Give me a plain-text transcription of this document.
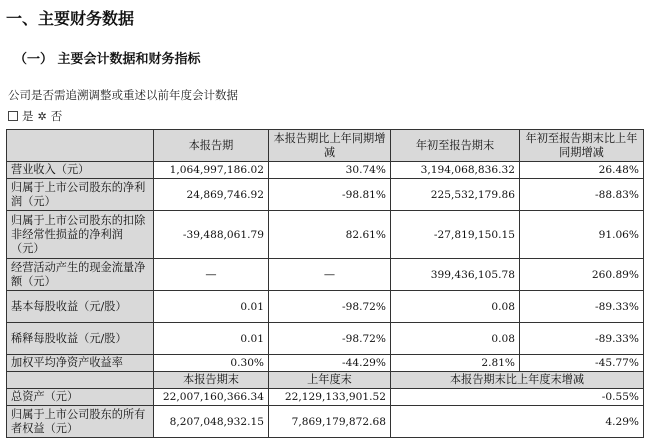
一、主要财务数据
（一） 主要会计数据和财务指标
公司是否需追溯调整或重述以前年度会计数据
是 ✲ 否
	本报告期	本报告期比上年同期增减	年初至报告期末	年初至报告期末比上年同期增减
营业收入（元）	1,064,997,186.02	30.74%	3,194,068,836.32	26.48%
归属于上市公司股东的净利润（元）	24,869,746.92	-98.81%	225,532,179.86	-88.83%
归属于上市公司股东的扣除非经常性损益的净利润（元）	-39,488,061.79	82.61%	-27,819,150.15	91.06%
经营活动产生的现金流量净额（元）	—	—	399,436,105.78	260.89%
基本每股收益（元/股）	0.01	-98.72%	0.08	-89.33%
稀释每股收益（元/股）	0.01	-98.72%	0.08	-89.33%
加权平均净资产收益率	0.30%	-44.29%	2.81%	-45.77%
	本报告期末	上年度末	本报告期末比上年度末增减	
总资产（元）	22,007,160,366.34	22,129,133,901.52	-0.55%	
归属于上市公司股东的所有者权益（元）	8,207,048,932.15	7,869,179,872.68	4.29%	
